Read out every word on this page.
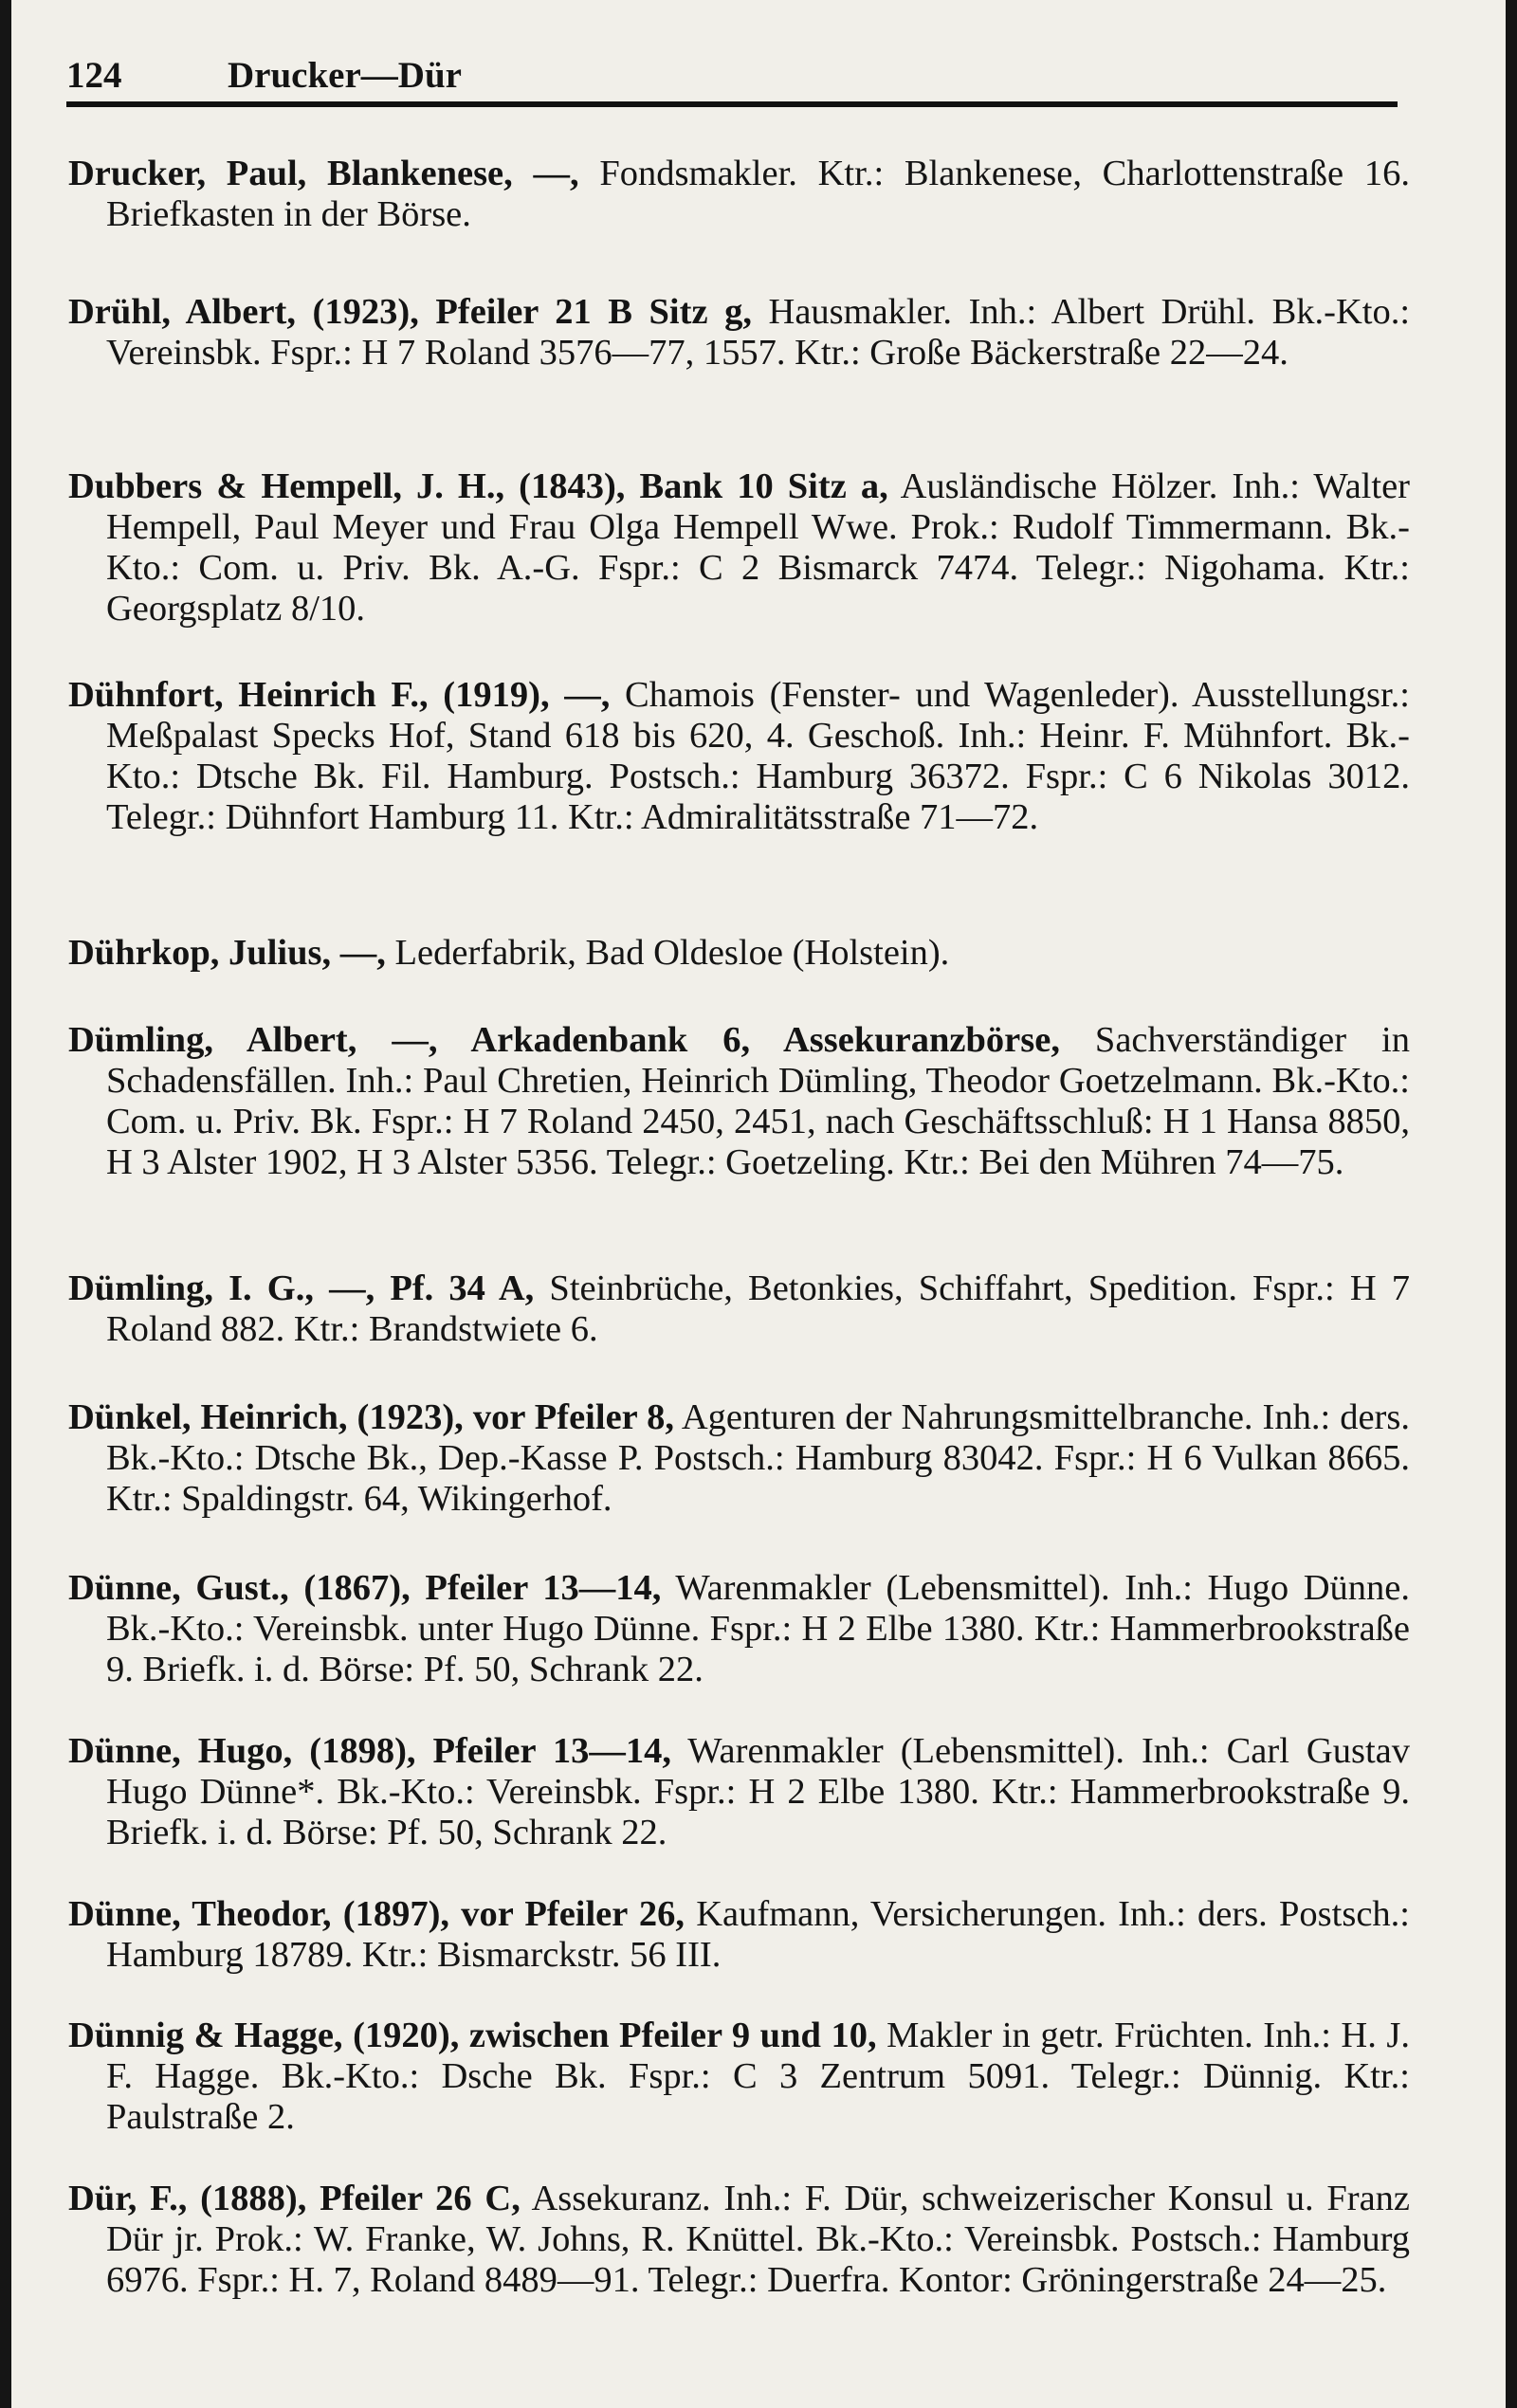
124	Drucker—Dür

Drucker, Paul, Blankenese, —, Fondsmakler. Ktr.: Blankenese, Charlottenstraße 16. Briefkasten in der Börse.

Drühl, Albert, (1923), Pfeiler 21 B Sitz g, Hausmakler. Inh.: Albert Drühl. Bk.-Kto.: Vereinsbk. Fspr.: H 7 Roland 3576—77, 1557. Ktr.: Große Bäckerstraße 22—24.

Dubbers & Hempell, J. H., (1843), Bank 10 Sitz a, Ausländische Hölzer. Inh.: Walter Hempell, Paul Meyer und Frau Olga Hempell Wwe. Prok.: Rudolf Timmermann. Bk.-Kto.: Com. u. Priv. Bk. A.-G. Fspr.: C 2 Bismarck 7474. Telegr.: Nigohama. Ktr.: Georgsplatz 8/10.

Dühnfort, Heinrich F., (1919), —, Chamois (Fenster- und Wagenleder). Ausstellungsr.: Meßpalast Specks Hof, Stand 618 bis 620, 4. Geschoß. Inh.: Heinr. F. Mühnfort. Bk.-Kto.: Dtsche Bk. Fil. Hamburg. Postsch.: Hamburg 36372. Fspr.: C 6 Nikolas 3012. Telegr.: Dühnfort Hamburg 11. Ktr.: Admiralitätsstraße 71—72.

Dührkop, Julius, —, Lederfabrik, Bad Oldesloe (Holstein).

Dümling, Albert, —, Arkadenbank 6, Assekuranzbörse, Sachverständiger in Schadensfällen. Inh.: Paul Chretien, Heinrich Dümling, Theodor Goetzelmann. Bk.-Kto.: Com. u. Priv. Bk. Fspr.: H 7 Roland 2450, 2451, nach Geschäftsschluß: H 1 Hansa 8850, H 3 Alster 1902, H 3 Alster 5356. Telegr.: Goetzeling. Ktr.: Bei den Mühren 74—75.

Dümling, I. G., —, Pf. 34 A, Steinbrüche, Betonkies, Schiffahrt, Spedition. Fspr.: H 7 Roland 882. Ktr.: Brandstwiete 6.

Dünkel, Heinrich, (1923), vor Pfeiler 8, Agenturen der Nahrungsmittelbranche. Inh.: ders. Bk.-Kto.: Dtsche Bk., Dep.-Kasse P. Postsch.: Hamburg 83042. Fspr.: H 6 Vulkan 8665. Ktr.: Spaldingstr. 64, Wikingerhof.

Dünne, Gust., (1867), Pfeiler 13—14, Warenmakler (Lebensmittel). Inh.: Hugo Dünne. Bk.-Kto.: Vereinsbk. unter Hugo Dünne. Fspr.: H 2 Elbe 1380. Ktr.: Hammerbrookstraße 9. Briefk. i. d. Börse: Pf. 50, Schrank 22.

Dünne, Hugo, (1898), Pfeiler 13—14, Warenmakler (Lebensmittel). Inh.: Carl Gustav Hugo Dünne*. Bk.-Kto.: Vereinsbk. Fspr.: H 2 Elbe 1380. Ktr.: Hammerbrookstraße 9. Briefk. i. d. Börse: Pf. 50, Schrank 22.

Dünne, Theodor, (1897), vor Pfeiler 26, Kaufmann, Versicherungen. Inh.: ders. Postsch.: Hamburg 18789. Ktr.: Bismarckstr. 56 III.

Dünnig & Hagge, (1920), zwischen Pfeiler 9 und 10, Makler in getr. Früchten. Inh.: H. J. F. Hagge. Bk.-Kto.: Dsche Bk. Fspr.: C 3 Zentrum 5091. Telegr.: Dünnig. Ktr.: Paulstraße 2.

Dür, F., (1888), Pfeiler 26 C, Assekuranz. Inh.: F. Dür, schweizerischer Konsul u. Franz Dür jr. Prok.: W. Franke, W. Johns, R. Knüttel. Bk.-Kto.: Vereinsbk. Postsch.: Hamburg 6976. Fspr.: H. 7, Roland 8489—91. Telegr.: Duerfra. Kontor: Gröningerstraße 24—25.
